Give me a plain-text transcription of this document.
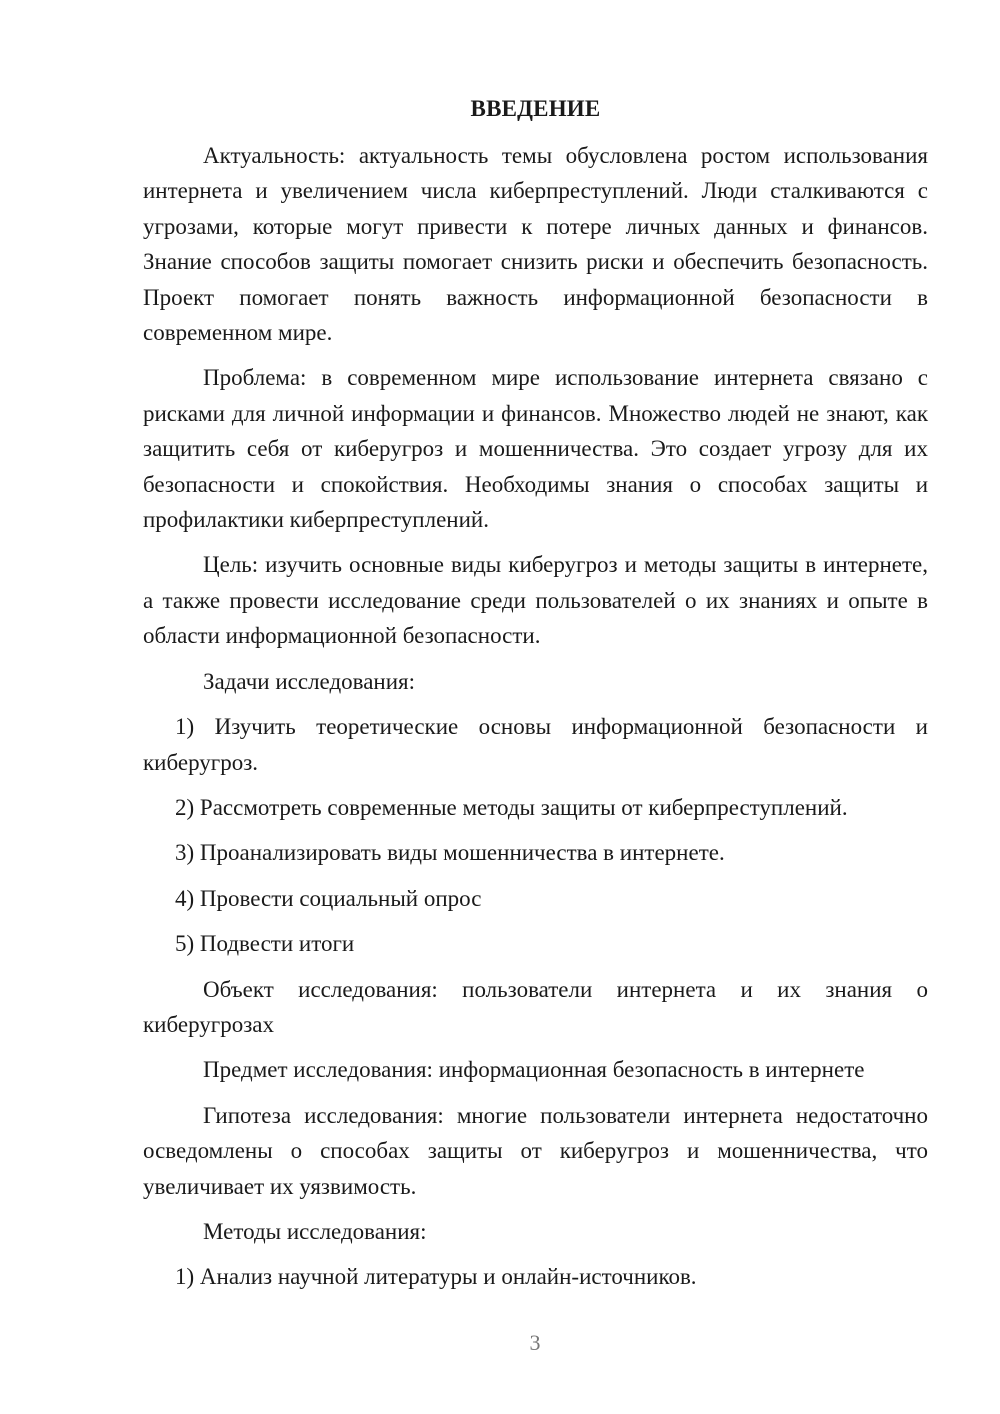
ВВЕДЕНИЕ

Актуальность: актуальность темы обусловлена ростом использования интернета и увеличением числа киберпреступлений. Люди сталкиваются с угрозами, которые могут привести к потере личных данных и финансов. Знание способов защиты помогает снизить риски и обеспечить безопасность. Проект помогает понять важность информационной безопасности в современном мире.

Проблема: в современном мире использование интернета связано с рисками для личной информации и финансов. Множество людей не знают, как защитить себя от киберугроз и мошенничества. Это создает угрозу для их безопасности и спокойствия. Необходимы знания о способах защиты и профилактики киберпреступлений.

Цель: изучить основные виды киберугроз и методы защиты в интернете, а также провести исследование среди пользователей о их знаниях и опыте в области информационной безопасности.

Задачи исследования:

1) Изучить теоретические основы информационной безопасности и киберугроз.

2) Рассмотреть современные методы защиты от киберпреступлений.

3) Проанализировать виды мошенничества в интернете.

4) Провести социальный опрос

5) Подвести итоги

Объект исследования: пользователи интернета и их знания о киберугрозах

Предмет исследования: информационная безопасность в интернете

Гипотеза исследования: многие пользователи интернета недостаточно осведомлены о способах защиты от киберугроз и мошенничества, что увеличивает их уязвимость.

Методы исследования:

1) Анализ научной литературы и онлайн-источников.

3
